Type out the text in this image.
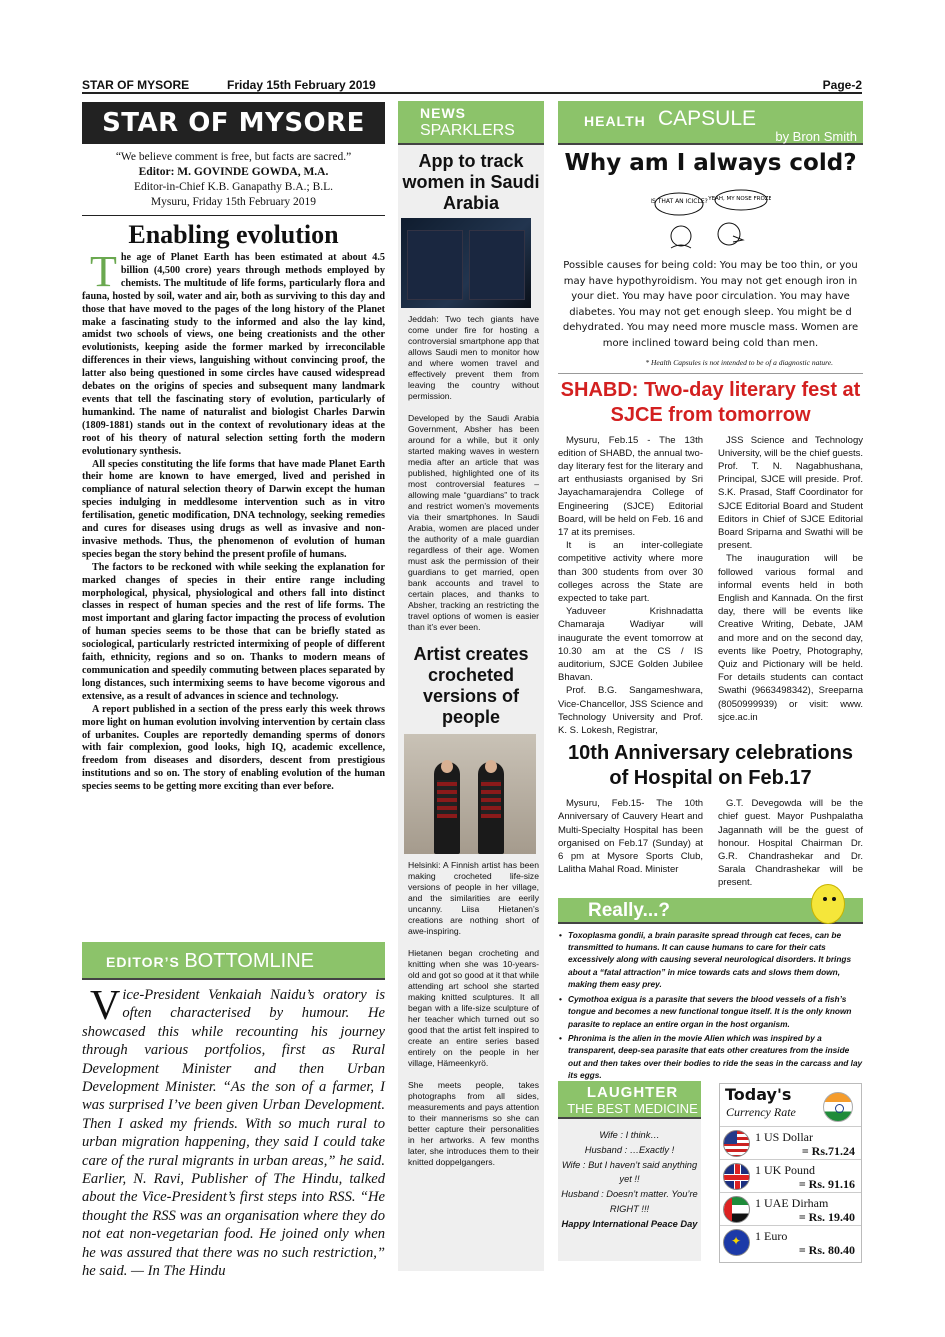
STAR OF MYSORE	Friday 15th February 2019	Page-2
STAR OF MYSORE
“We believe comment is free, but facts are sacred.”
Editor: M. GOVINDE GOWDA, M.A.
Editor-in-Chief K.B. Ganapathy B.A.; B.L.
Mysuru, Friday 15th February 2019
Enabling evolution

The age of Planet Earth has been estimated at about 4.5 billion (4,500 crore) years through methods employed by chemists. The multitude of life forms, particularly flora and fauna, hosted by soil, water and air, both as surviving to this day and those that have moved to the pages of the long history of the Planet make a fascinating study to the informed and also the lay kind, amidst two schools of views, one being creationists and the other evolutionists, keeping aside the former marked by irreconcilable differences in their views, languishing without convincing proof, the latter also being questioned in some circles have caused widespread debates on the origins of species and subsequent many landmark events that tell the fascinating story of evolution, particularly of humankind. The name of naturalist and biologist Charles Darwin (1809-1881) stands out in the context of revolutionary ideas at the root of his theory of natural selection setting forth the modern evolutionary synthesis.

All species constituting the life forms that have made Planet Earth their home are known to have emerged, lived and perished in compliance of natural selection theory of Darwin except the human species indulging in meddlesome intervention such as in vitro fertilisation, genetic modification, DNA technology, seeking remedies and cures for diseases using drugs as well as invasive and non-invasive methods. Thus, the phenomenon of evolution of human species began the story behind the present profile of humans.

The factors to be reckoned with while seeking the explanation for marked changes of species in their entire range including morphological, physical, physiological and others fall into distinct classes in respect of human species and the rest of life forms. The most important and glaring factor impacting the process of evolution of human species seems to be those that can be briefly stated as sociological, particularly restricted intermixing of people of different faith, ethnicity, regions and so on. Thanks to modern means of communication and speedily commuting between places separated by long distances, such intermixing seems to have become vigorous and extensive, as a result of advances in science and technology.

A report published in a section of the press early this week throws more light on human evolution involving intervention by certain class of urbanites. Couples are reportedly demanding sperms of donors with fair complexion, good looks, high IQ, academic excellence, freedom from diseases and disorders, descent from prestigious institutions and so on. The story of enabling evolution of the human species seems to be getting more exciting than ever before.

EDITOR’S BOTTOMLINE
Vice-President Venkaiah Naidu’s oratory is often characterised by humour. He showcased this while recounting his journey through various portfolios, first as Rural Development Minister and then Urban Development Minister. “As the son of a farmer, I was surprised I’ve been given Urban Development. Then I asked my friends. With so much rural to urban migration happening, they said I could take care of the rural migrants in urban areas,” he said. Earlier, N. Ravi, Publisher of The Hindu, talked about the Vice-President’s first steps into RSS. “He thought the RSS was an organisation where they do not eat non-vegetarian food. He joined only when he was assured that there was no such restriction,” he said. — In The Hindu
NEWS
SPARKLERS
App to track women in Saudi Arabia

Jeddah: Two tech giants have come under fire for hosting a controversial smartphone app that allows Saudi men to monitor how and where women travel and effectively prevent them from leaving the country without permission.

Developed by the Saudi Arabia Government, Absher has been around for a while, but it only started making waves in western media after an article that was published, highlighted one of its most controversial features – allowing male “guardians” to track and restrict women’s movements via their smartphones. In Saudi Arabia, women are placed under the authority of a male guardian regardless of their age. Women must ask the permission of their guardians to get married, open bank accounts and travel to certain places, and thanks to Absher, tracking an restricting the travel options of women is easier than it’s ever been.

Artist creates crocheted versions of people

Helsinki: A Finnish artist has been making crocheted life-size versions of people in her village, and the similarities are eerily uncanny. Liisa Hietanen’s creations are nothing short of awe-inspiring.

Hietanen began crocheting and knitting when she was 10-years-old and got so good at it that while attending art school she started making knitted sculptures. It all began with a life-size sculpture of her teacher which turned out so good that the artist felt inspired to create an entire series based entirely on the people in her village, Hämeenkyrö.

She meets people, takes photographs from all sides, measurements and pays attention to their mannerisms so she can better capture their personalities in her artworks. A few months later, she introduces them to their knitted doppelgangers.

HEALTH CAPSULE
by Bron Smith
Why am I always cold?
IS THAT AN ICICLE? YEAH, MY NOSE FROZE.

Possible causes for being cold: You may be too thin, or you may have hypothyroidism. You may not get enough iron in your diet. You may have poor circulation. You may have diabetes. You may not get enough sleep. You might be d dehydrated. You may need more muscle mass. Women are more inclined toward being cold than men.

* Health Capsules is not intended to be of a diagnostic nature.

SHABD: Two-day literary fest at SJCE from tomorrow

Mysuru, Feb.15 - The 13th edition of SHABD, the annual two-day literary fest for the literary and art enthusiasts organised by Sri Jayachamarajendra College of Engineering (SJCE) Editorial Board, will be held on Feb. 16 and 17 at its premises.

It is an inter-collegiate competitive activity where more than 300 students from over 30 colleges across the State are expected to take part.

Yaduveer Krishnadatta Chamaraja Wadiyar will inaugurate the event tomorrow at 10.30 am at the CS / IS auditorium, SJCE Golden Jubilee Bhavan.

Prof. B.G. Sangameshwara, Vice-Chancellor, JSS Science and Technology University and Prof. K. S. Lokesh, Registrar,

JSS Science and Technology University, will be the chief guests. Prof. T. N. Nagabhushana, Principal, SJCE will preside. Prof. S.K. Prasad, Staff Coordinator for SJCE Editorial Board and Student Editors in Chief of SJCE Editorial Board Sriparna and Swathi will be present.

The inauguration will be followed various formal and informal events held in both English and Kannada. On the first day, there will be events like Creative Writing, Debate, JAM and more and on the second day, events like Poetry, Photography, Quiz and Pictionary will be held. For details students can contact Swathi (9663498342), Sreeparna (8050999939) or visit: www. sjce.ac.in

10th Anniversary celebrations of Hospital on Feb.17

Mysuru, Feb.15- The 10th Anniversary of Cauvery Heart and Multi-Specialty Hospital has been organised on Feb.17 (Sunday) at 6 pm at Mysore Sports Club, Lalitha Mahal Road. Minister

G.T. Devegowda will be the chief guest. Mayor Pushpalatha Jagannath will be the guest of honour. Hospital Chairman Dr. G.R. Chandrashekar and Dr. Sarala Chandrashekar will be present.

Really...?
• Toxoplasma gondii, a brain parasite spread through cat feces, can be transmitted to humans. It can cause humans to care for their cats excessively along with causing several neurological disorders. It brings about a “fatal attraction” in mice towards cats and slows them down, making them easy prey.
• Cymothoa exigua is a parasite that severs the blood vessels of a fish’s tongue and becomes a new functional tongue itself. It is the only known parasite to replace an entire organ in the host organism.
• Phronima is the alien in the movie Alien which was inspired by a transparent, deep-sea parasite that eats other creatures from the inside out and then takes over their bodies to ride the seas in the carcass and lay its eggs.
LAUGHTER
THE BEST MEDICINE
Wife : I think…
Husband : …Exactly !
Wife : But I haven’t said anything yet !!
Husband : Doesn’t matter. You’re RIGHT !!!
Happy International Peace Day
Today's
Currency Rate
1 US Dollar
= Rs.71.24
1 UK Pound
= Rs. 91.16
1 UAE Dirham
= Rs. 19.40
✦
1 Euro
= Rs. 80.40
